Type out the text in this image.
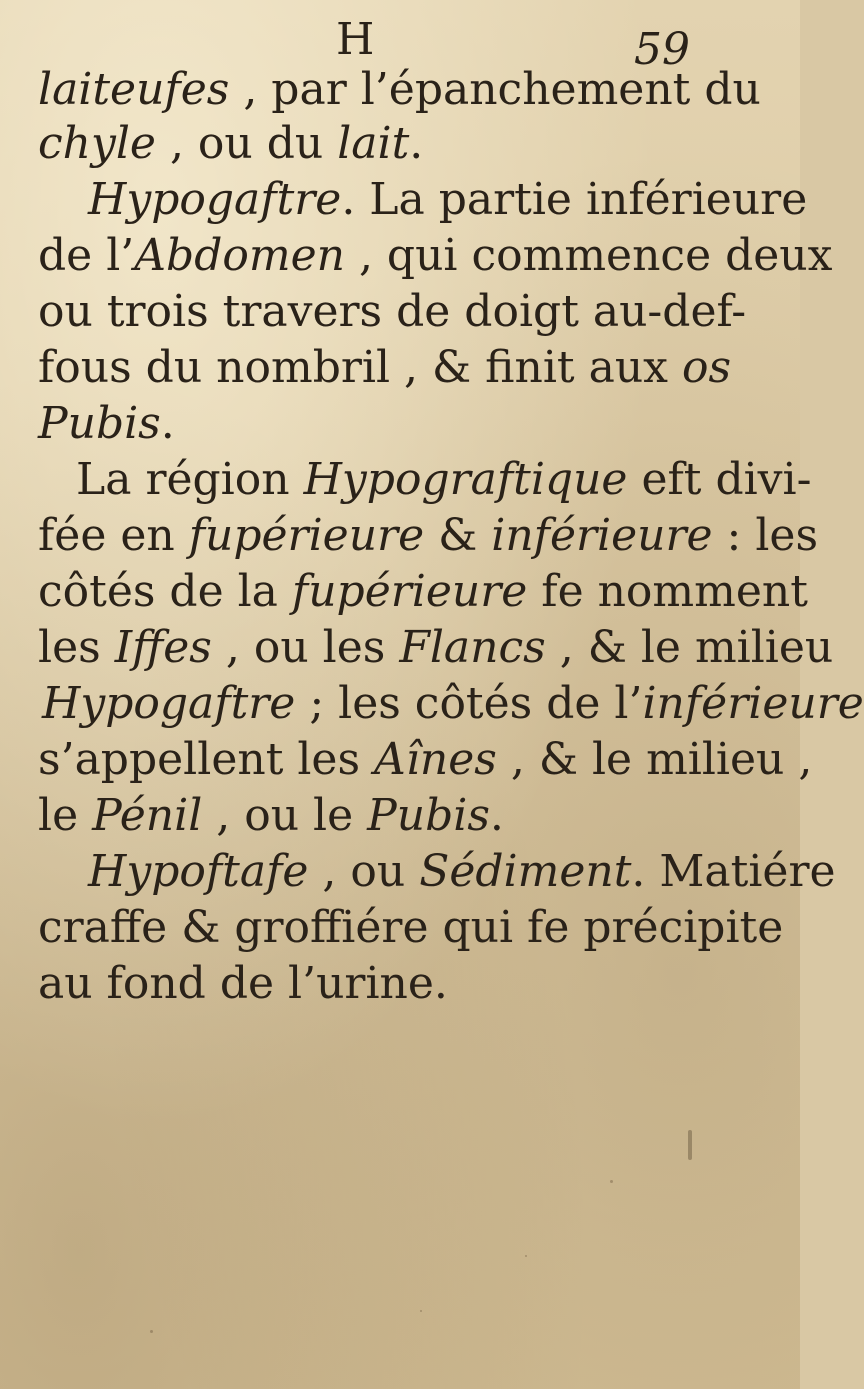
H	59
laiteufes , par l’épanchement du
chyle , ou du lait.
Hypogaftre. La partie inférieure
de l’Abdomen , qui commence deux
ou trois travers de doigt au-def-
fous du nombril , & finit aux os
Pubis.
La région Hypograftique eft divi-
fée en fupérieure & inférieure : les
côtés de la fupérieure fe nomment
les Iffes , ou les Flancs , & le milieu
Hypogaftre ; les côtés de l’inférieure
s’appellent les Aînes , & le milieu ,
le Pénil , ou le Pubis.
Hypoftafe , ou Sédiment. Matiére
craffe & groffiére qui fe précipite
au fond de l’urine.
